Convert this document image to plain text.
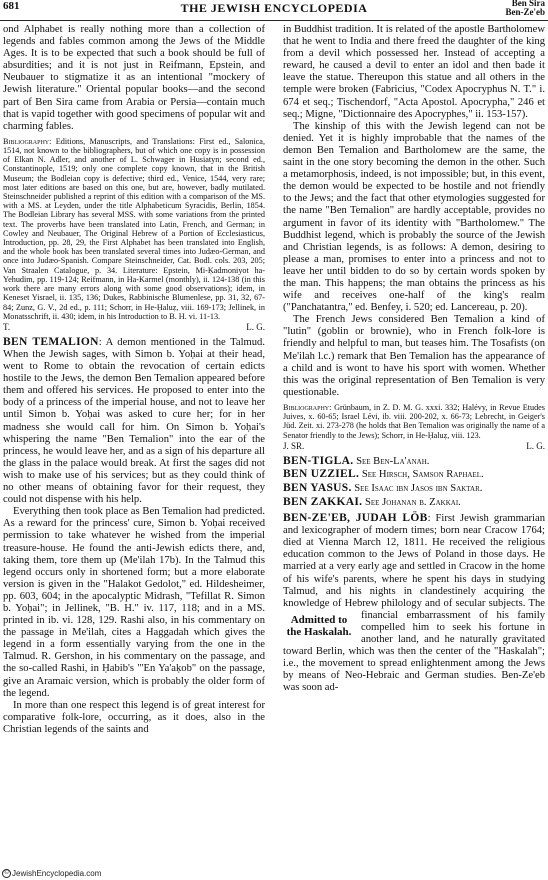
681	THE JEWISH ENCYCLOPEDIA	Ben Sira
Ben-Ze'eb

ond Alphabet is really nothing more than a collection of legends and fables common among the Jews of the Middle Ages. It is to be expected that such a book should be full of absurdities; and it is not just in Reifmann, Epstein, and Neubauer to stigmatize it as an intentional "mockery of Jewish literature." Oriental popular books—and the second part of Ben Sira came from Arabia or Persia—contain much that is vapid together with good specimens of popular wit and charming fables.

Bibliography: Editions, Manuscripts, and Translations: First ed., Salonica, 1514, not known to the bibliographers, but of which one copy is in possession of Elkan N. Adler, and another of L. Schwager in Husiatyn; second ed., Constantinople, 1519; only one complete copy known, that in the British Museum; the Bodleian copy is defective; third ed., Venice, 1544, very rare; most later editions are based on this one, but are, however, badly mutilated. Steinschneider published a reprint of this edition with a comparison of the MS. with a MS. at Leyden, under the title Alphabeticum Syracidis, Berlin, 1854. The Bodleian Library has several MSS. with some variations from the printed text. The proverbs have been translated into Latin, French, and German; in Cowley and Neubauer, The Original Hebrew of a Portion of Ecclesiasticus, Introduction, pp. 28, 29, the First Alphabet has been translated into English, and the whole book has been translated several times into Judæo-German, and once into Judæo-Spanish. Compare Steinschneider, Cat. Bodl. cols. 203, 205; Van Straalen Catalogue, p. 34. Literature: Epstein, Mi-Ḳadmoniyot ha-Yehudim, pp. 119-124; Reifmann, in Ha-Karmel (monthly), ii. 124-138 (in this work there are many errors along with some good observations); idem, in Keneset Yisrael, ii. 135, 136; Dukes, Rabbinische Blumenlese, pp. 31, 32, 67-84; Zunz, G. V., 2d ed., p. 111; Schorr, in He-Ḥaluẓ, viii. 169-173; Jellinek, in Monatsschrift, ii. 430; idem, in his Introduction to B. H. vi. 11-13.

T.	L. G.

BEN TEMALION: A demon mentioned in the Talmud. When the Jewish sages, with Simon b. Yoḥai at their head, went to Rome to obtain the revocation of certain edicts hostile to the Jews, the demon Ben Temalion appeared before them and offered his services. He proposed to enter into the body of a princess of the imperial house, and not to leave her until Simon b. Yoḥai was asked to cure her; for in her madness she would call for him. On Simon b. Yoḥai's whispering the name "Ben Temalion" into the ear of the princess, he would leave her, and as a sign of his departure all the glass in the palace would break. At first the sages did not wish to make use of his services; but as they could think of no other means of obtaining favor for their request, they could not dispense with his help.

Everything then took place as Ben Temalion had predicted. As a reward for the princess' cure, Simon b. Yoḥai received permission to take whatever he wished from the imperial treasure-house. He found the anti-Jewish edicts there, and, taking them, tore them up (Me'ilah 17b). In the Talmud this legend occurs only in shortened form; but a more elaborate version is given in the "Halakot Gedolot," ed. Hildesheimer, pp. 603, 604; in the apocalyptic Midrash, "Tefillat R. Simon b. Yoḥai"; in Jellinek, "B. H." iv. 117, 118; and in a MS. printed in ib. vi. 128, 129. Rashi also, in his commentary on the passage in Me'ilah, cites a Haggadah which gives the legend in a form essentially varying from the one in the Talmud. R. Gershon, in his commentary on the passage, and the so-called Rashi, in Ḥabib's "'En Ya'aḳob" on the passage, give an Aramaic version, which is probably the older form of the legend.

In more than one respect this legend is of great interest for comparative folk-lore, occurring, as it does, also in the Christian legends of the saints and

in Buddhist tradition. It is related of the apostle Bartholomew that he went to India and there freed the daughter of the king from a devil which possessed her. Instead of accepting a reward, he caused a devil to enter an idol and then bade it leave the statue. Thereupon this statue and all others in the temple were broken (Fabricius, "Codex Apocryphus N. T." i. 674 et seq.; Tischendorf, "Acta Apostol. Apocrypha," 246 et seq.; Migne, "Dictionnaire des Apocryphes," ii. 153-157).

The kinship of this with the Jewish legend can not be denied. Yet it is highly improbable that the names of the demon Ben Temalion and Bartholomew are the same, the saint in the one story becoming the demon in the other. Such a metamorphosis, indeed, is not impossible; but, in this event, the demon would be expected to be hostile and not friendly to the Jews; and the fact that other etymologies suggested for the name "Ben Temalion" are hardly acceptable, provides no argument in favor of its identity with "Bartholomew." The Buddhist legend, which is probably the source of the Jewish and Christian legends, is as follows: A demon, desiring to please a man, promises to enter into a princess and not to leave her until bidden to do so by certain words spoken by the man. This happens; the man obtains the princess as his wife and receives one-half of the king's realm ("Panchatantra," ed. Benfey, i. 520; ed. Lancereau, p. 20).

The French Jews considered Ben Temalion a kind of "lutin" (goblin or brownie), who in French folk-lore is friendly and helpful to man, but teases him. The Tosafists (on Me'ilah l.c.) remark that Ben Temalion has the appearance of a child and is wont to have his sport with women. Whether this was the original representation of Ben Temalion is very questionable.

Bibliography: Grünbaum, in Z. D. M. G. xxxi. 332; Halévy, in Revue Etudes Juives, x. 60-65; Israel Lévi, ib. viii. 200-202, x. 66-73; Lebrecht, in Geiger's Jüd. Zeit. xi. 273-278 (he holds that Ben Temalion was originally the name of a Senator friendly to the Jews); Schorr, in He-Ḥaluẓ, viii. 123.

J. SR.	L. G.

BEN-TIGLA. See Ben-La'anah.

BEN UZZIEL. See Hirsch, Samson Raphael.

BEN YASUS. See Isaac ibn Jasos ibn Saktar.

BEN ZAKKAI. See Johanan b. Zakkai.

BEN-ZE'EB, JUDAH LÖB: First Jewish grammarian and lexicographer of modern times; born near Cracow 1764; died at Vienna March 12, 1811. He received the religious education common to the Jews of Poland in those days. He married at a very early age and settled in Cracow in the home of his wife's parents, where he spent his days in studying Talmud, and his nights in clandestinely acquiring the knowledge of Hebrew philology and of secular subjects.
Admitted to the Haskalah.
The financial embarrassment of his family compelled him to seek his fortune in another land, and he naturally gravitated toward Berlin, which was then the center of the "Haskalah"; i.e., the movement to spread enlightenment among the Jews by means of Neo-Hebraic and German studies. Ben-Ze'eb was soon ad-

© JewishEncyclopedia.com
